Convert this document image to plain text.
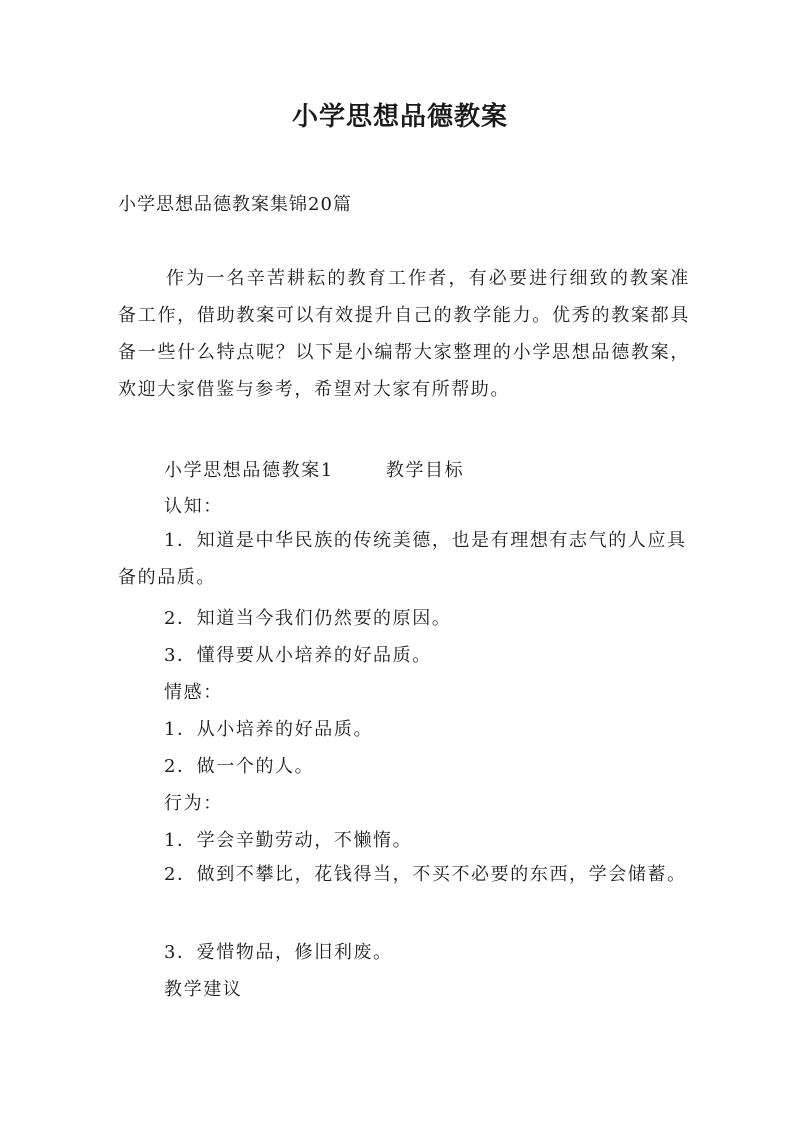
小学思想品德教案
小学思想品德教案集锦20篇

作为一名辛苦耕耘的教育工作者，有必要进行细致的教案准备工作，借助教案可以有效提升自己的教学能力。优秀的教案都具备一些什么特点呢？以下是小编帮大家整理的小学思想品德教案，欢迎大家借鉴与参考，希望对大家有所帮助。

小学思想品德教案1	教学目标
认知：

1．知道是中华民族的传统美德，也是有理想有志气的人应具备的品质。

2．知道当今我们仍然要的原因。
3．懂得要从小培养的好品质。
情感：
1．从小培养的好品质。
2．做一个的人。
行为：
1．学会辛勤劳动，不懒惰。

2．做到不攀比，花钱得当，不买不必要的东西，学会储蓄。

3．爱惜物品，修旧利废。
教学建议
